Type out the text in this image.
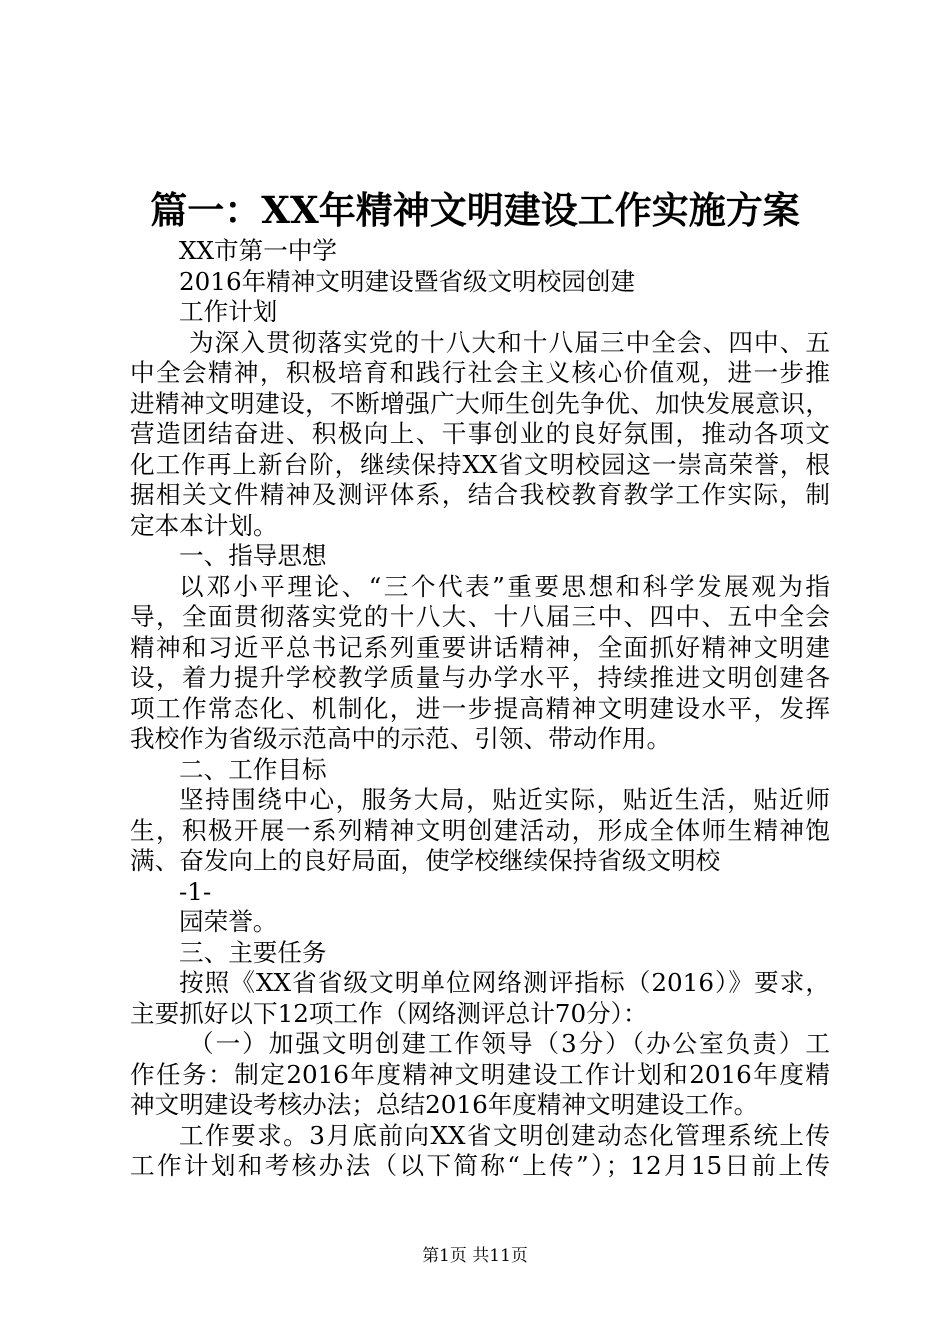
篇一：XX年精神文明建设工作实施方案
XX市第一中学
2016年精神文明建设暨省级文明校园创建
工作计划
为深入贯彻落实党的十八大和十八届三中全会、四中、五
中全会精神，积极培育和践行社会主义核心价值观，进一步推
进精神文明建设，不断增强广大师生创先争优、加快发展意识，
营造团结奋进、积极向上、干事创业的良好氛围，推动各项文
化工作再上新台阶，继续保持XX省文明校园这一崇高荣誉，根
据相关文件精神及测评体系，结合我校教育教学工作实际，制
定本本计划。
一、指导思想
以邓小平理论、“三个代表”重要思想和科学发展观为指
导，全面贯彻落实党的十八大、十八届三中、四中、五中全会
精神和习近平总书记系列重要讲话精神，全面抓好精神文明建
设，着力提升学校教学质量与办学水平，持续推进文明创建各
项工作常态化、机制化，进一步提高精神文明建设水平，发挥
我校作为省级示范高中的示范、引领、带动作用。
二、工作目标
坚持围绕中心，服务大局，贴近实际，贴近生活，贴近师
生，积极开展一系列精神文明创建活动，形成全体师生精神饱
满、奋发向上的良好局面，使学校继续保持省级文明校
-1-
园荣誉。
三、主要任务
按照《XX省省级文明单位网络测评指标（2016）》要求，
主要抓好以下12项工作（网络测评总计70分）：
（一）加强文明创建工作领导（3分）（办公室负责）工
作任务：制定2016年度精神文明建设工作计划和2016年度精
神文明建设考核办法；总结2016年度精神文明建设工作。
工作要求。3月底前向XX省文明创建动态化管理系统上传
工作计划和考核办法（以下简称“上传”）；12月15日前上传
第1页 共11页
